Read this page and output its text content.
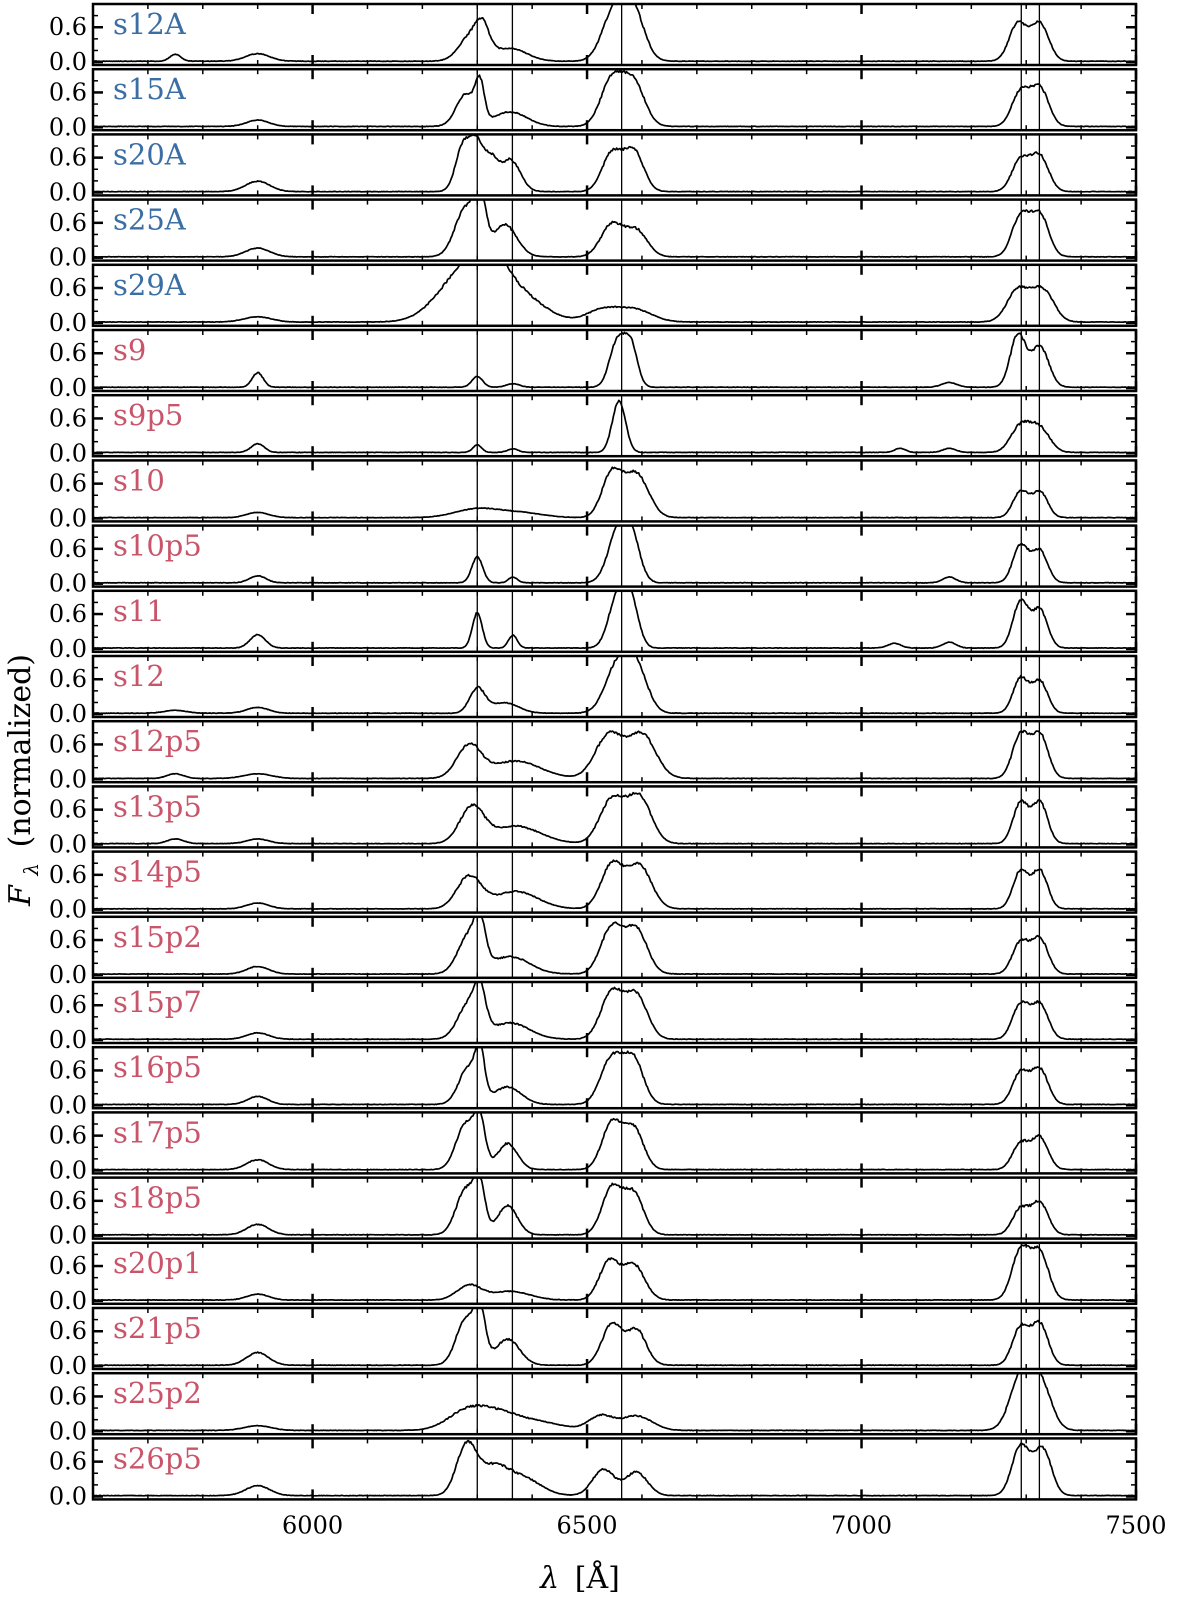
0.0
0.6 s12A
0.0
0.6 s15A
0.0
0.6 s20A
0.0
0.6 s25A
0.0
0.6 s29A
0.0
0.6 s9
0.0
0.6 s9p5
0.0
0.6 s10
0.0
0.6 s10p5
0.0
0.6 s11
0.0
0.6 s12
0.0
0.6 s12p5
0.0
0.6 s13p5
0.0
0.6 s14p5
0.0
0.6 s15p2
0.0
0.6 s15p7
0.0
0.6 s16p5
0.0
0.6 s17p5
0.0
0.6 s18p5
0.0
0.6 s20p1
0.0
0.6 s21p5
0.0
0.6 s25p2
0.0
0.6 s26p5
6000	6500	7000	7500
λ [Å]
F $_\lambda$ (normalized)
